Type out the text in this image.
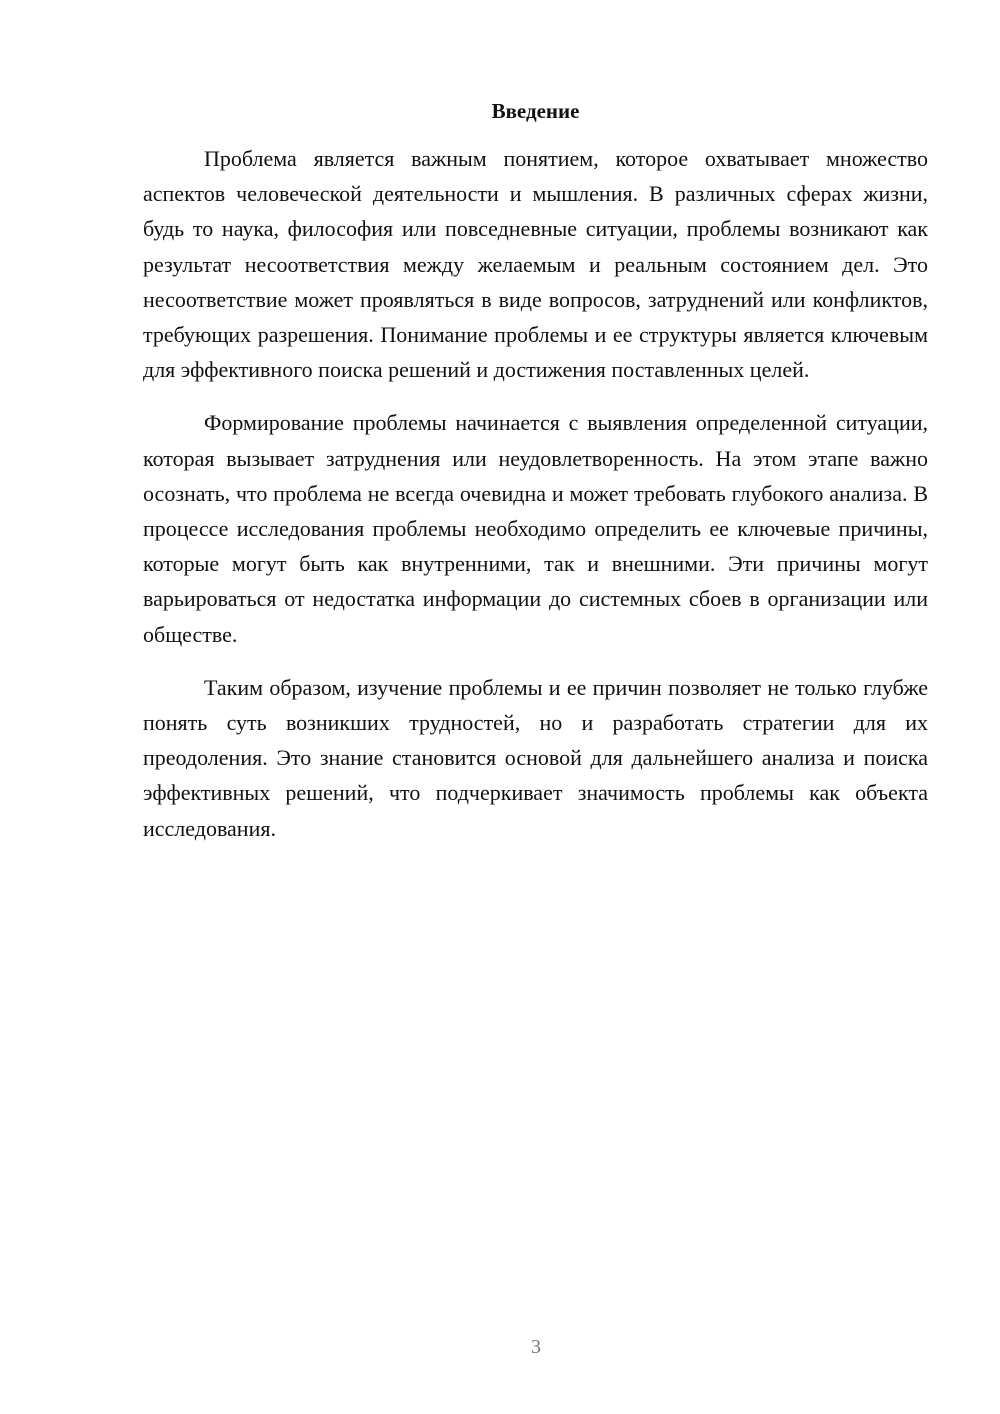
Введение

Проблема является важным понятием, которое охватывает множество аспектов человеческой деятельности и мышления. В различных сферах жизни, будь то наука, философия или повседневные ситуации, проблемы возникают как результат несоответствия между желаемым и реальным состоянием дел. Это несоответствие может проявляться в виде вопросов, затруднений или конфликтов, требующих разрешения. Понимание проблемы и ее структуры является ключевым для эффективного поиска решений и достижения поставленных целей.

Формирование проблемы начинается с выявления определенной ситуации, которая вызывает затруднения или неудовлетворенность. На этом этапе важно осознать, что проблема не всегда очевидна и может требовать глубокого анализа. В процессе исследования проблемы необходимо определить ее ключевые причины, которые могут быть как внутренними, так и внешними. Эти причины могут варьироваться от недостатка информации до системных сбоев в организации или обществе.

Таким образом, изучение проблемы и ее причин позволяет не только глубже понять суть возникших трудностей, но и разработать стратегии для их преодоления. Это знание становится основой для дальнейшего анализа и поиска эффективных решений, что подчеркивает значимость проблемы как объекта исследования.

3
